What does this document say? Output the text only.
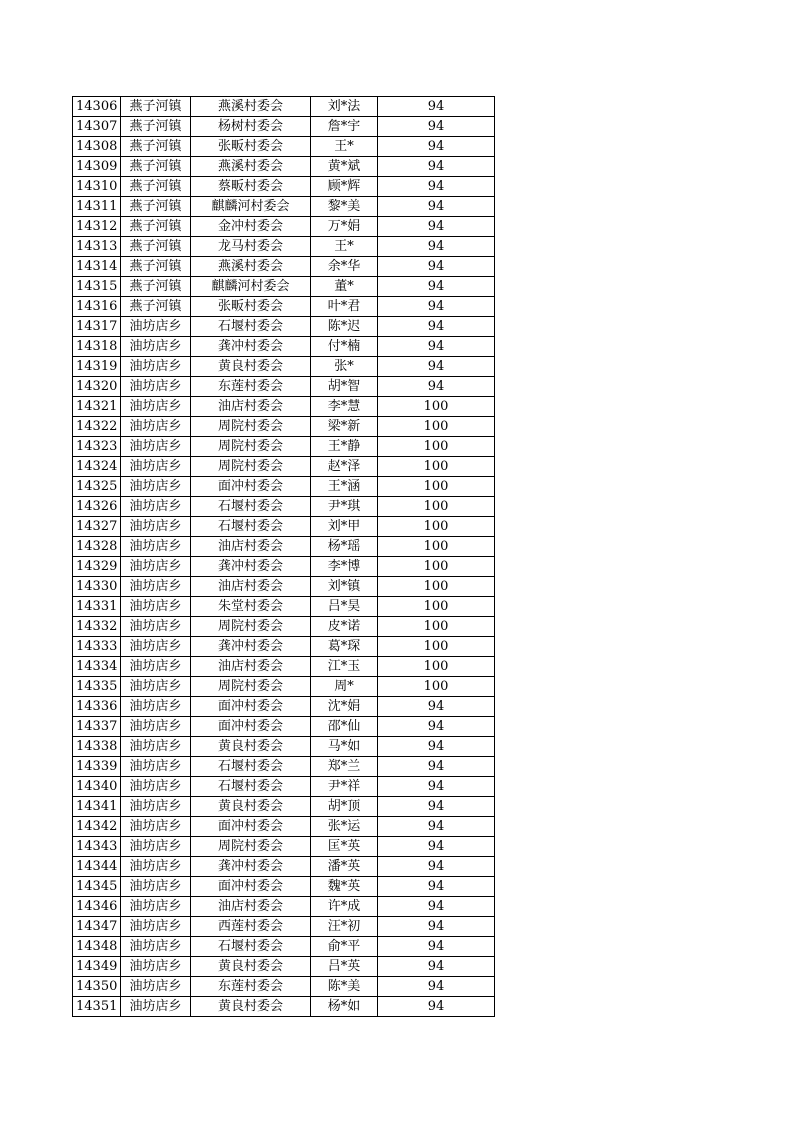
14306	燕子河镇	燕溪村委会	刘*法	94
14307	燕子河镇	杨树村委会	詹*宇	94
14308	燕子河镇	张畈村委会	王*	94
14309	燕子河镇	燕溪村委会	黄*斌	94
14310	燕子河镇	蔡畈村委会	顾*辉	94
14311	燕子河镇	麒麟河村委会	黎*美	94
14312	燕子河镇	金冲村委会	万*娟	94
14313	燕子河镇	龙马村委会	王*	94
14314	燕子河镇	燕溪村委会	余*华	94
14315	燕子河镇	麒麟河村委会	董*	94
14316	燕子河镇	张畈村委会	叶*君	94
14317	油坊店乡	石堰村委会	陈*迟	94
14318	油坊店乡	龚冲村委会	付*楠	94
14319	油坊店乡	黄良村委会	张*	94
14320	油坊店乡	东莲村委会	胡*智	94
14321	油坊店乡	油店村委会	李*慧	100
14322	油坊店乡	周院村委会	梁*新	100
14323	油坊店乡	周院村委会	王*静	100
14324	油坊店乡	周院村委会	赵*泽	100
14325	油坊店乡	面冲村委会	王*涵	100
14326	油坊店乡	石堰村委会	尹*琪	100
14327	油坊店乡	石堰村委会	刘*甲	100
14328	油坊店乡	油店村委会	杨*瑶	100
14329	油坊店乡	龚冲村委会	李*博	100
14330	油坊店乡	油店村委会	刘*镇	100
14331	油坊店乡	朱堂村委会	吕*昊	100
14332	油坊店乡	周院村委会	皮*诺	100
14333	油坊店乡	龚冲村委会	葛*琛	100
14334	油坊店乡	油店村委会	江*玉	100
14335	油坊店乡	周院村委会	周*	100
14336	油坊店乡	面冲村委会	沈*娟	94
14337	油坊店乡	面冲村委会	邵*仙	94
14338	油坊店乡	黄良村委会	马*如	94
14339	油坊店乡	石堰村委会	郑*兰	94
14340	油坊店乡	石堰村委会	尹*祥	94
14341	油坊店乡	黄良村委会	胡*顶	94
14342	油坊店乡	面冲村委会	张*运	94
14343	油坊店乡	周院村委会	匡*英	94
14344	油坊店乡	龚冲村委会	潘*英	94
14345	油坊店乡	面冲村委会	魏*英	94
14346	油坊店乡	油店村委会	许*成	94
14347	油坊店乡	西莲村委会	汪*初	94
14348	油坊店乡	石堰村委会	俞*平	94
14349	油坊店乡	黄良村委会	吕*英	94
14350	油坊店乡	东莲村委会	陈*美	94
14351	油坊店乡	黄良村委会	杨*如	94
